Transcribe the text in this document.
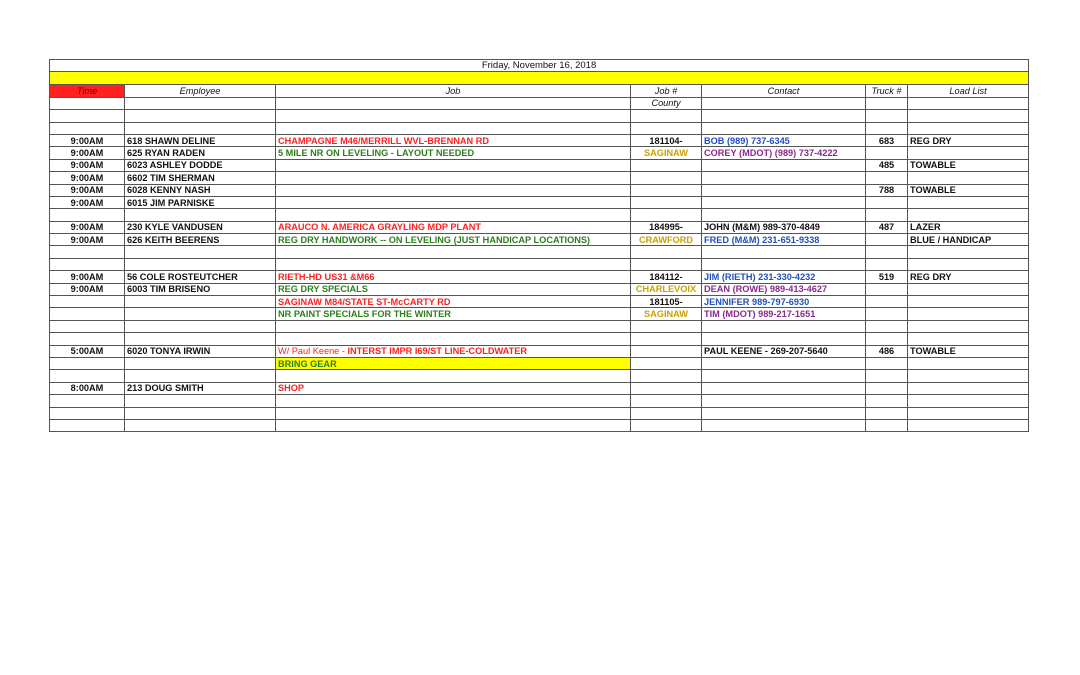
Friday, November 16, 2018						

Time	Employee	Job	Job #	Contact	Truck #	Load List
			County			

9:00AM	618 SHAWN DELINE	CHAMPAGNE M46/MERRILL WVL-BRENNAN RD	181104-	BOB (989) 737-6345	683	REG DRY
9:00AM	625 RYAN RADEN	5 MILE NR ON LEVELING - LAYOUT NEEDED	SAGINAW	COREY (MDOT) (989) 737-4222		
9:00AM	6023 ASHLEY DODDE				485	TOWABLE
9:00AM	6602 TIM SHERMAN					
9:00AM	6028 KENNY NASH				788	TOWABLE
9:00AM	6015 JIM PARNISKE					

9:00AM	230 KYLE VANDUSEN	ARAUCO N. AMERICA GRAYLING MDP PLANT	184995-	JOHN (M&M) 989-370-4849	487	LAZER
9:00AM	626 KEITH BEERENS	REG DRY HANDWORK -- ON LEVELING (JUST HANDICAP LOCATIONS)	CRAWFORD	FRED (M&M) 231-651-9338		BLUE / HANDICAP

9:00AM	56 COLE ROSTEUTCHER	RIETH-HD US31 &M66	184112-	JIM (RIETH) 231-330-4232	519	REG DRY
9:00AM	6003 TIM BRISENO	REG DRY SPECIALS	CHARLEVOIX	DEAN (ROWE) 989-413-4627		
		SAGINAW M84/STATE ST-McCARTY RD	181105-	JENNIFER 989-797-6930		
		NR PAINT SPECIALS FOR THE WINTER	SAGINAW	TIM (MDOT) 989-217-1651		

5:00AM	6020 TONYA IRWIN	W/ Paul Keene - INTERST IMPR I69/ST LINE-COLDWATER		PAUL KEENE - 269-207-5640	486	TOWABLE
		BRING GEAR				

8:00AM	213 DOUG SMITH	SHOP				
